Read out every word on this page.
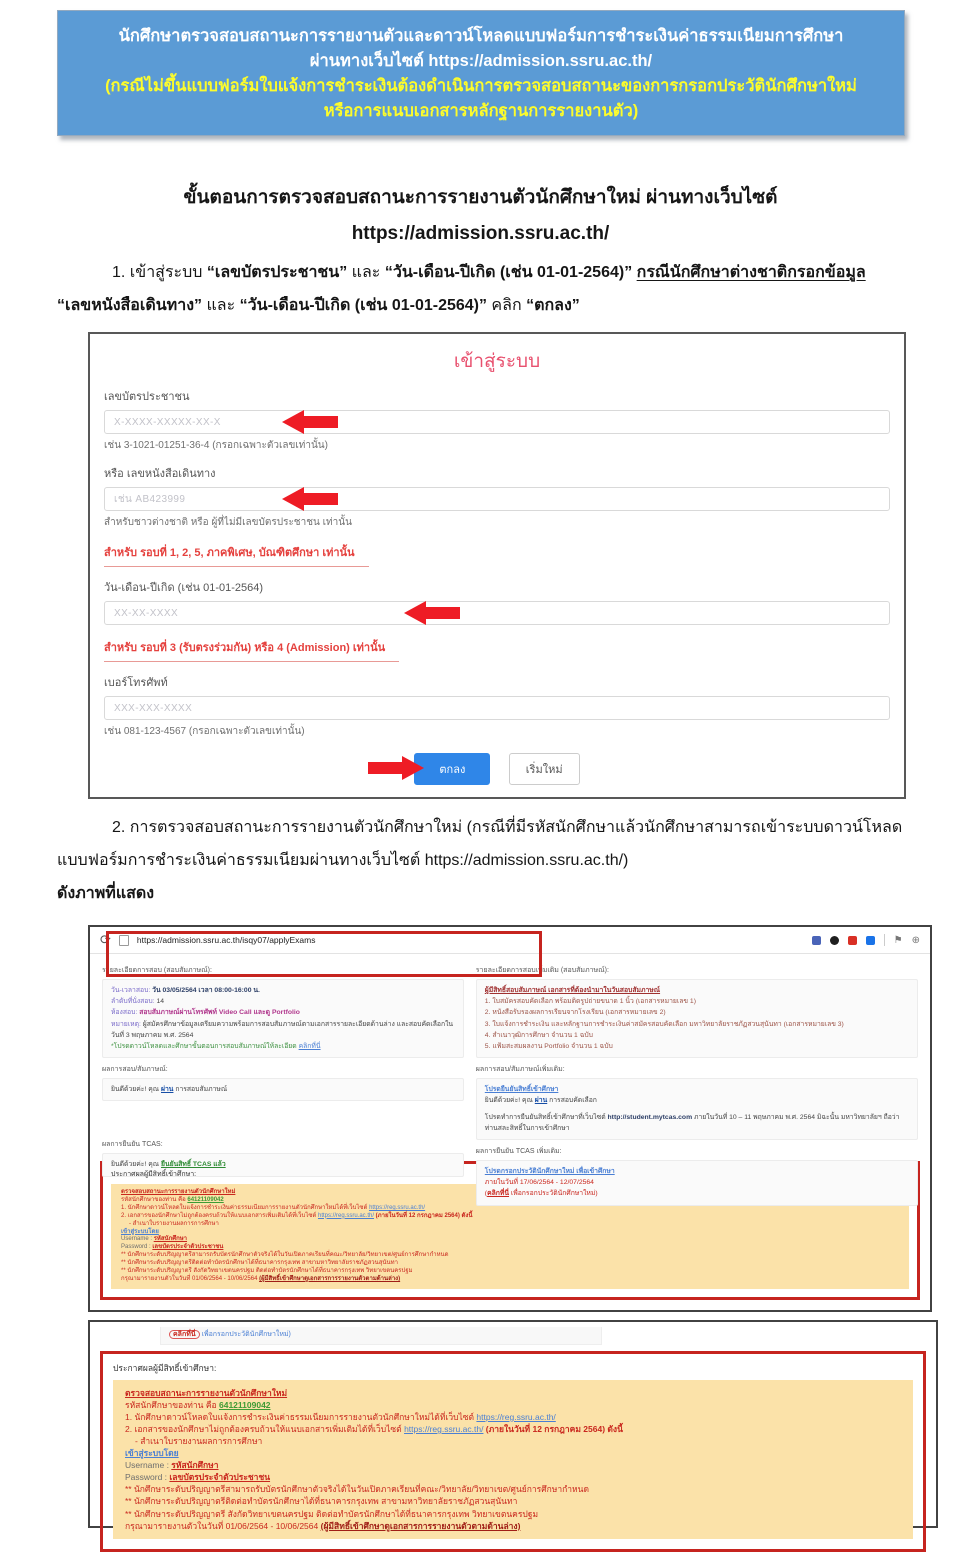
นักศึกษาตรวจสอบสถานะการรายงานตัวและดาวน์โหลดแบบฟอร์มการชำระเงินค่าธรรมเนียมการศึกษา
ผ่านทางเว็บไซต์ https://admission.ssru.ac.th/
(กรณีไม่ขึ้นแบบฟอร์มใบแจ้งการชำระเงินต้องดำเนินการตรวจสอบสถานะของการกรอกประวัตินักศึกษาใหม่
หรือการแนบเอกสารหลักฐานการรายงานตัว)
ขั้นตอนการตรวจสอบสถานะการรายงานตัวนักศึกษาใหม่ ผ่านทางเว็บไซต์
https://admission.ssru.ac.th/

1. เข้าสู่ระบบ “เลขบัตรประชาชน” และ “วัน-เดือน-ปีเกิด (เช่น 01-01-2564)” กรณีนักศึกษาต่างชาติกรอกข้อมูล “เลขหนังสือเดินทาง” และ “วัน-เดือน-ปีเกิด (เช่น 01-01-2564)” คลิก “ตกลง”

เข้าสู่ระบบ
เลขบัตรประชาชน
X-XXXX-XXXXX-XX-X
เช่น 3-1021-01251-36-4 (กรอกเฉพาะตัวเลขเท่านั้น)
หรือ เลขหนังสือเดินทาง
เช่น AB423999
สำหรับชาวต่างชาติ หรือ ผู้ที่ไม่มีเลขบัตรประชาชน เท่านั้น
สำหรับ รอบที่ 1, 2, 5, ภาคพิเศษ, บัณฑิตศึกษา เท่านั้น
วัน-เดือน-ปีเกิด (เช่น 01-01-2564)
XX-XX-XXXX
สำหรับ รอบที่ 3 (รับตรงร่วมกัน) หรือ 4 (Admission) เท่านั้น
เบอร์โทรศัพท์
XXX-XXX-XXXX
เช่น 081-123-4567 (กรอกเฉพาะตัวเลขเท่านั้น)
ตกลง	เริ่มใหม่

2. การตรวจสอบสถานะการรายงานตัวนักศึกษาใหม่ (กรณีที่มีรหัสนักศึกษาแล้วนักศึกษาสามารถเข้าระบบดาวน์โหลดแบบฟอร์มการชำระเงินค่าธรรมเนียมผ่านทางเว็บไซต์ https://admission.ssru.ac.th/)

ดังภาพที่แสดง
⟳	https://admission.ssru.ac.th/isqy07/applyExams	⚑ ⊕
รายละเอียดการสอบ (สอบสัมภาษณ์):
วัน-เวลาสอบ: วัน 03/05/2564 เวลา 08:00-16:00 น.
ลำดับที่นั่งสอบ: 14
ห้องสอบ: สอบสัมภาษณ์ผ่านโทรศัพท์ Video Call และดู Portfolio
หมายเหตุ: ผู้สมัครศึกษาข้อมูลเตรียมความพร้อมการสอบสัมภาษณ์ตามเอกสารรายละเอียดด้านล่าง และสอบคัดเลือกในวันที่ 3 พฤษภาคม พ.ศ. 2564
*โปรดดาวน์โหลดและศึกษาขั้นตอนการสอบสัมภาษณ์ให้ละเอียด คลิกที่นี่
ผลการสอบ/สัมภาษณ์:
ยินดีด้วยค่ะ! คุณ ผ่าน การสอบสัมภาษณ์
ผลการยืนยัน TCAS:
ยินดีด้วยค่ะ! คุณ ยืนยันสิทธิ์ TCAS แล้ว
รายละเอียดการสอบเพิ่มเติม (สอบสัมภาษณ์):
ผู้มีสิทธิ์สอบสัมภาษณ์ เอกสารที่ต้องนำมาในวันสอบสัมภาษณ์
1. ใบสมัครสอบคัดเลือก พร้อมติดรูปถ่ายขนาด 1 นิ้ว (เอกสารหมายเลข 1)
2. หนังสือรับรองผลการเรียนจากโรงเรียน (เอกสารหมายเลข 2)
3. ใบแจ้งการชำระเงิน และหลักฐานการชำระเงินค่าสมัครสอบคัดเลือก มหาวิทยาลัยราชภัฏสวนสุนันทา (เอกสารหมายเลข 3)
4. สำเนาวุฒิการศึกษา จำนวน 1 ฉบับ
5. แฟ้มสะสมผลงาน Portfolio จำนวน 1 ฉบับ
ผลการสอบ/สัมภาษณ์เพิ่มเติม:
โปรดยืนยันสิทธิ์เข้าศึกษา
ยินดีด้วยค่ะ! คุณ ผ่าน การสอบคัดเลือก
โปรดทำการยืนยันสิทธิ์เข้าศึกษาที่เว็บไซต์ http://student.mytcas.com ภายในวันที่ 10 – 11 พฤษภาคม พ.ศ. 2564 มิฉะนั้น มหาวิทยาลัยฯ ถือว่าท่านสละสิทธิ์ในการเข้าศึกษา
ผลการยืนยัน TCAS เพิ่มเติม:
โปรดกรอกประวัตินักศึกษาใหม่ เพื่อเข้าศึกษา
ภายในวันที่ 17/06/2564 - 12/07/2564
(คลิกที่นี่ เพื่อกรอกประวัตินักศึกษาใหม่)
ประกาศผลผู้มีสิทธิ์เข้าศึกษา:
ตรวจสอบสถานะการรายงานตัวนักศึกษาใหม่
รหัสนักศึกษาของท่าน คือ 64121109042
1. นักศึกษาดาวน์โหลดใบแจ้งการชำระเงินค่าธรรมเนียมการรายงานตัวนักศึกษาใหม่ได้ที่เว็บไซต์ https://reg.ssru.ac.th/
2. เอกสารของนักศึกษาไม่ถูกต้องครบถ้วนให้แนบเอกสารเพิ่มเติมได้ที่เว็บไซต์ https://reg.ssru.ac.th/ (ภายในวันที่ 12 กรกฎาคม 2564) ดังนี้
- สำเนาใบรายงานผลการการศึกษา
เข้าสู่ระบบโดย
Username : รหัสนักศึกษา
Password : เลขบัตรประจำตัวประชาชน
** นักศึกษาระดับปริญญาตรีสามารถรับบัตรนักศึกษาตัวจริงได้ในวันเปิดภาคเรียนที่คณะ/วิทยาลัย/วิทยาเขต/ศูนย์การศึกษากำหนด
** นักศึกษาระดับปริญญาตรีติดต่อทำบัตรนักศึกษาได้ที่ธนาคารกรุงเทพ สาขามหาวิทยาลัยราชภัฏสวนสุนันทา
** นักศึกษาระดับปริญญาตรี สังกัดวิทยาเขตนครปฐม ติดต่อทำบัตรนักศึกษาได้ที่ธนาคารกรุงเทพ วิทยาเขตนครปฐม
กรุณามารายงานตัวในวันที่ 01/06/2564 - 10/06/2564 (ผู้มีสิทธิ์เข้าศึกษาดูเอกสารการรายงานตัวตามด้านล่าง)
คลิกที่นี่ เพื่อกรอกประวัตินักศึกษาใหม่)
ประกาศผลผู้มีสิทธิ์เข้าศึกษา:
ตรวจสอบสถานะการรายงานตัวนักศึกษาใหม่
รหัสนักศึกษาของท่าน คือ 64121109042
1. นักศึกษาดาวน์โหลดใบแจ้งการชำระเงินค่าธรรมเนียมการรายงานตัวนักศึกษาใหม่ได้ที่เว็บไซต์ https://reg.ssru.ac.th/
2. เอกสารของนักศึกษาไม่ถูกต้องครบถ้วนให้แนบเอกสารเพิ่มเติมได้ที่เว็บไซต์ https://reg.ssru.ac.th/ (ภายในวันที่ 12 กรกฎาคม 2564) ดังนี้
- สำเนาใบรายงานผลการการศึกษา
เข้าสู่ระบบโดย
Username : รหัสนักศึกษา
Password : เลขบัตรประจำตัวประชาชน
** นักศึกษาระดับปริญญาตรีสามารถรับบัตรนักศึกษาตัวจริงได้ในวันเปิดภาคเรียนที่คณะ/วิทยาลัย/วิทยาเขต/ศูนย์การศึกษากำหนด
** นักศึกษาระดับปริญญาตรีติดต่อทำบัตรนักศึกษาได้ที่ธนาคารกรุงเทพ สาขามหาวิทยาลัยราชภัฏสวนสุนันทา
** นักศึกษาระดับปริญญาตรี สังกัดวิทยาเขตนครปฐม ติดต่อทำบัตรนักศึกษาได้ที่ธนาคารกรุงเทพ วิทยาเขตนครปฐม
กรุณามารายงานตัวในวันที่ 01/06/2564 - 10/06/2564 (ผู้มีสิทธิ์เข้าศึกษาดูเอกสารการรายงานตัวตามด้านล่าง)
